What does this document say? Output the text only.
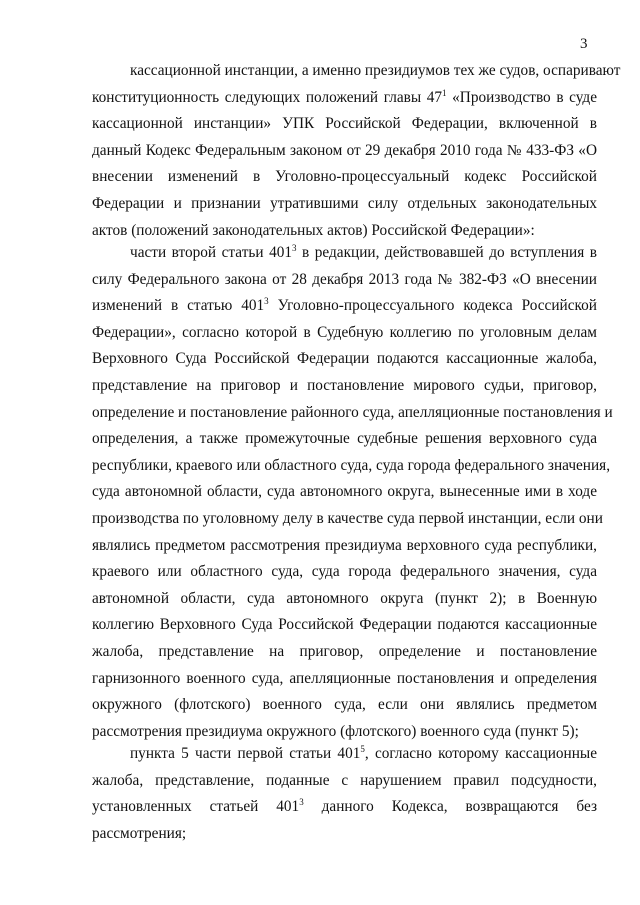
3
кассационной инстанции, а именно президиумов тех же судов, оспаривают
конституционность следующих положений главы $47^1$ «Производство в суде
кассационной инстанции» УПК Российской Федерации, включенной в
данный Кодекс Федеральным законом от 29 декабря 2010 года № 433-ФЗ «О
внесении изменений в Уголовно-процессуальный кодекс Российской
Федерации и признании утратившими силу отдельных законодательных
актов (положений законодательных актов) Российской Федерации»:
части второй статьи $401^3$ в редакции, действовавшей до вступления в
силу Федерального закона от 28 декабря 2013 года № 382-ФЗ «О внесении
изменений в статью $401^3$ Уголовно-процессуального кодекса Российской
Федерации», согласно которой в Судебную коллегию по уголовным делам
Верховного Суда Российской Федерации подаются кассационные жалоба,
представление на приговор и постановление мирового судьи, приговор,
определение и постановление районного суда, апелляционные постановления и
определения, а также промежуточные судебные решения верховного суда
республики, краевого или областного суда, суда города федерального значения,
суда автономной области, суда автономного округа, вынесенные ими в ходе
производства по уголовному делу в качестве суда первой инстанции, если они
являлись предметом рассмотрения президиума верховного суда республики,
краевого или областного суда, суда города федерального значения, суда
автономной области, суда автономного округа (пункт 2); в Военную
коллегию Верховного Суда Российской Федерации подаются кассационные
жалоба, представление на приговор, определение и постановление
гарнизонного военного суда, апелляционные постановления и определения
окружного (флотского) военного суда, если они являлись предметом
рассмотрения президиума окружного (флотского) военного суда (пункт 5);
пункта 5 части первой статьи $401^5$, согласно которому кассационные
жалоба, представление, поданные с нарушением правил подсудности,
установленных статьей $401^3$ данного Кодекса, возвращаются без
рассмотрения;
